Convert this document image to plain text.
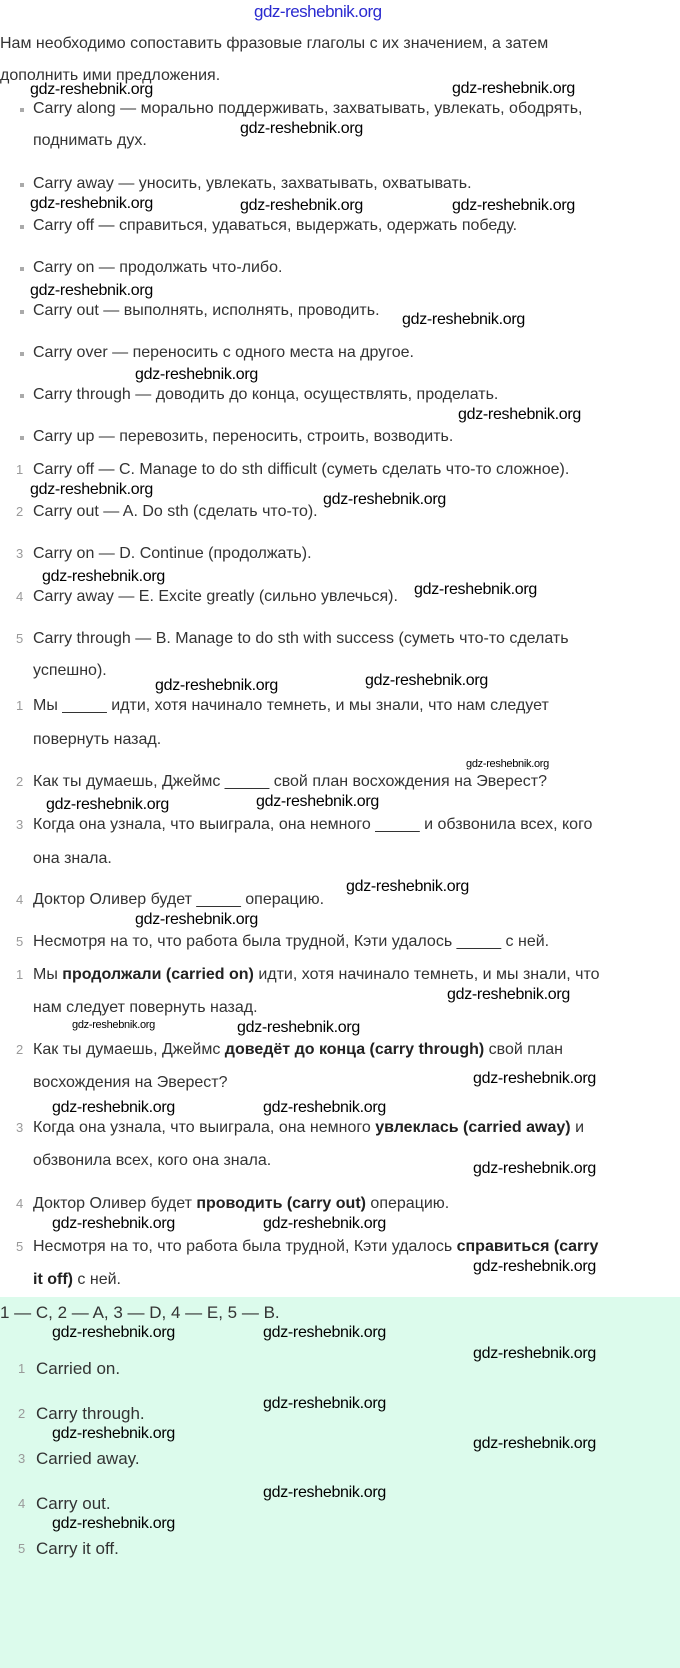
gdz-reshebnik.org
Нам необходимо сопоставить фразовые глаголы с их значением, а затем
дополнить ими предложения.
Carry along — морально поддерживать, захватывать, увлекать, ободрять,
поднимать дух.
Carry away — уносить, увлекать, захватывать, охватывать.
Carry off — справиться, удаваться, выдержать, одержать победу.
Carry on — продолжать что-либо.
Carry out — выполнять, исполнять, проводить.
Carry over — переносить с одного места на другое.
Carry through — доводить до конца, осуществлять, проделать.
Carry up — перевозить, переносить, строить, возводить.
1 Carry off — C. Manage to do sth difficult (суметь сделать что-то сложное).
2 Carry out — A. Do sth (сделать что-то).
3 Carry on — D. Continue (продолжать).
4 Carry away — E. Excite greatly (сильно увлечься).
5 Carry through — B. Manage to do sth with success (суметь что-то сделать
успешно).
1 Мы _____ идти, хотя начинало темнеть, и мы знали, что нам следует
повернуть назад.
2 Как ты думаешь, Джеймс _____ свой план восхождения на Эверест?
3 Когда она узнала, что выиграла, она немного _____ и обзвонила всех, кого
она знала.
4 Доктор Оливер будет _____ операцию.
5 Несмотря на то, что работа была трудной, Кэти удалось _____ с ней.
1 Мы продолжали (carried on) идти, хотя начинало темнеть, и мы знали, что
нам следует повернуть назад.
2 Как ты думаешь, Джеймс доведёт до конца (carry through) свой план
восхождения на Эверест?
3 Когда она узнала, что выиграла, она немного увлеклась (carried away) и
обзвонила всех, кого она знала.
4 Доктор Оливер будет проводить (carry out) операцию.
5 Несмотря на то, что работа была трудной, Кэти удалось справиться (carry
it off) с ней.
1 — C, 2 — A, 3 — D, 4 — E, 5 — B.
1 Carried on.
2 Carry through.
3 Carried away.
4 Carry out.
5 Carry it off.
gdz-reshebnik.org	gdz-reshebnik.org
gdz-reshebnik.org
gdz-reshebnik.org	gdz-reshebnik.org	gdz-reshebnik.org
gdz-reshebnik.org
gdz-reshebnik.org
gdz-reshebnik.org
gdz-reshebnik.org
gdz-reshebnik.org
gdz-reshebnik.org
gdz-reshebnik.org
gdz-reshebnik.org
gdz-reshebnik.org	gdz-reshebnik.org
gdz-reshebnik.org
gdz-reshebnik.org
gdz-reshebnik.org
gdz-reshebnik.org
gdz-reshebnik.org
gdz-reshebnik.org
gdz-reshebnik.org	gdz-reshebnik.org
gdz-reshebnik.org
gdz-reshebnik.org	gdz-reshebnik.org
gdz-reshebnik.org
gdz-reshebnik.org	gdz-reshebnik.org
gdz-reshebnik.org
gdz-reshebnik.org
gdz-reshebnik.org
gdz-reshebnik.org
gdz-reshebnik.org
gdz-reshebnik.org
gdz-reshebnik.org
gdz-reshebnik.org
gdz-reshebnik.org
